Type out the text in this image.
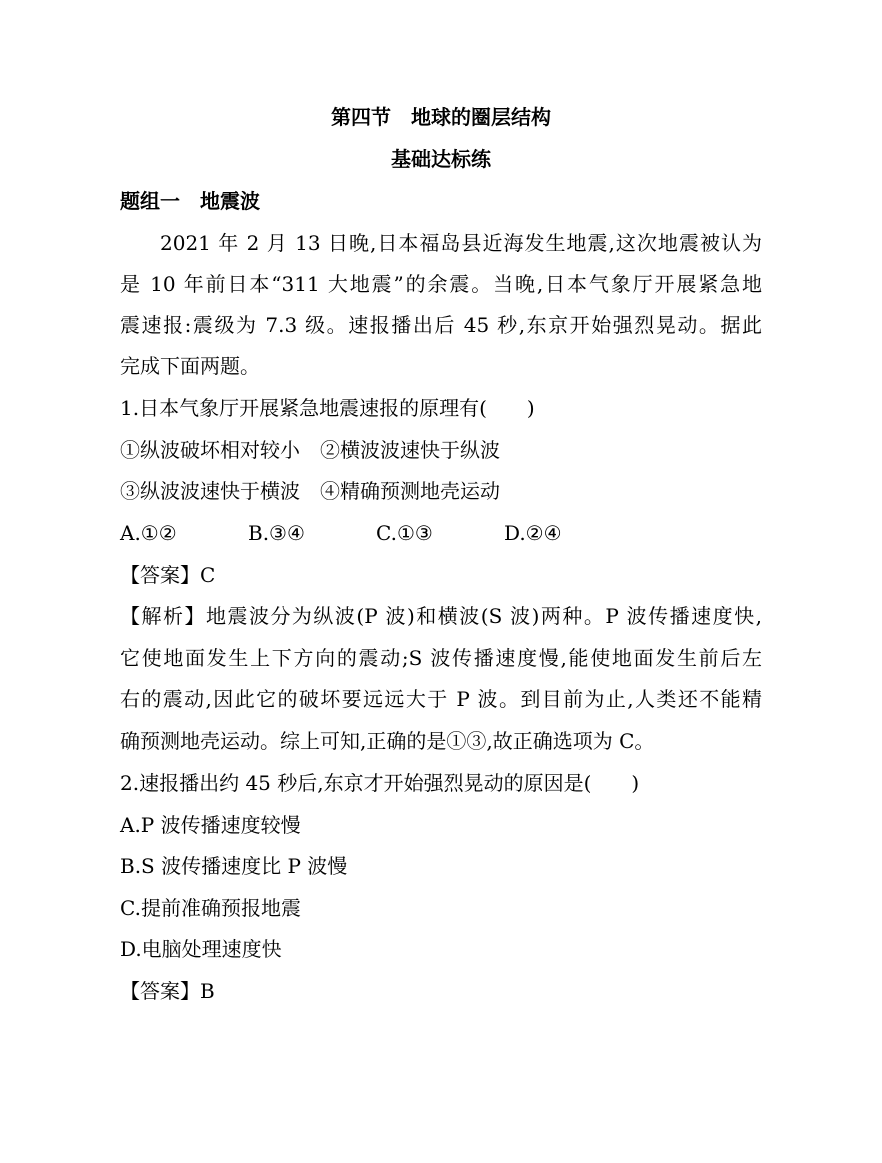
第四节　地球的圈层结构
基础达标练
题组一　地震波
2021 年 2 月 13 日晚,日本福岛县近海发生地震,这次地震被认为
是 10 年前日本“311 大地震”的余震。当晚,日本气象厅开展紧急地
震速报:震级为 7.3 级。速报播出后 45 秒,东京开始强烈晃动。据此
完成下面两题。
1.日本气象厅开展紧急地震速报的原理有(　　)
①纵波破坏相对较小　②横波波速快于纵波
③纵波波速快于横波　④精确预测地壳运动
A.①②	B.③④	C.①③	D.②④
【答案】C
【解析】地震波分为纵波(P 波)和横波(S 波)两种。P 波传播速度快,
它使地面发生上下方向的震动;S 波传播速度慢,能使地面发生前后左
右的震动,因此它的破坏要远远大于 P 波。到目前为止,人类还不能精
确预测地壳运动。综上可知,正确的是①③,故正确选项为 C。
2.速报播出约 45 秒后,东京才开始强烈晃动的原因是(　　)
A.P 波传播速度较慢
B.S 波传播速度比 P 波慢
C.提前准确预报地震
D.电脑处理速度快
【答案】B
